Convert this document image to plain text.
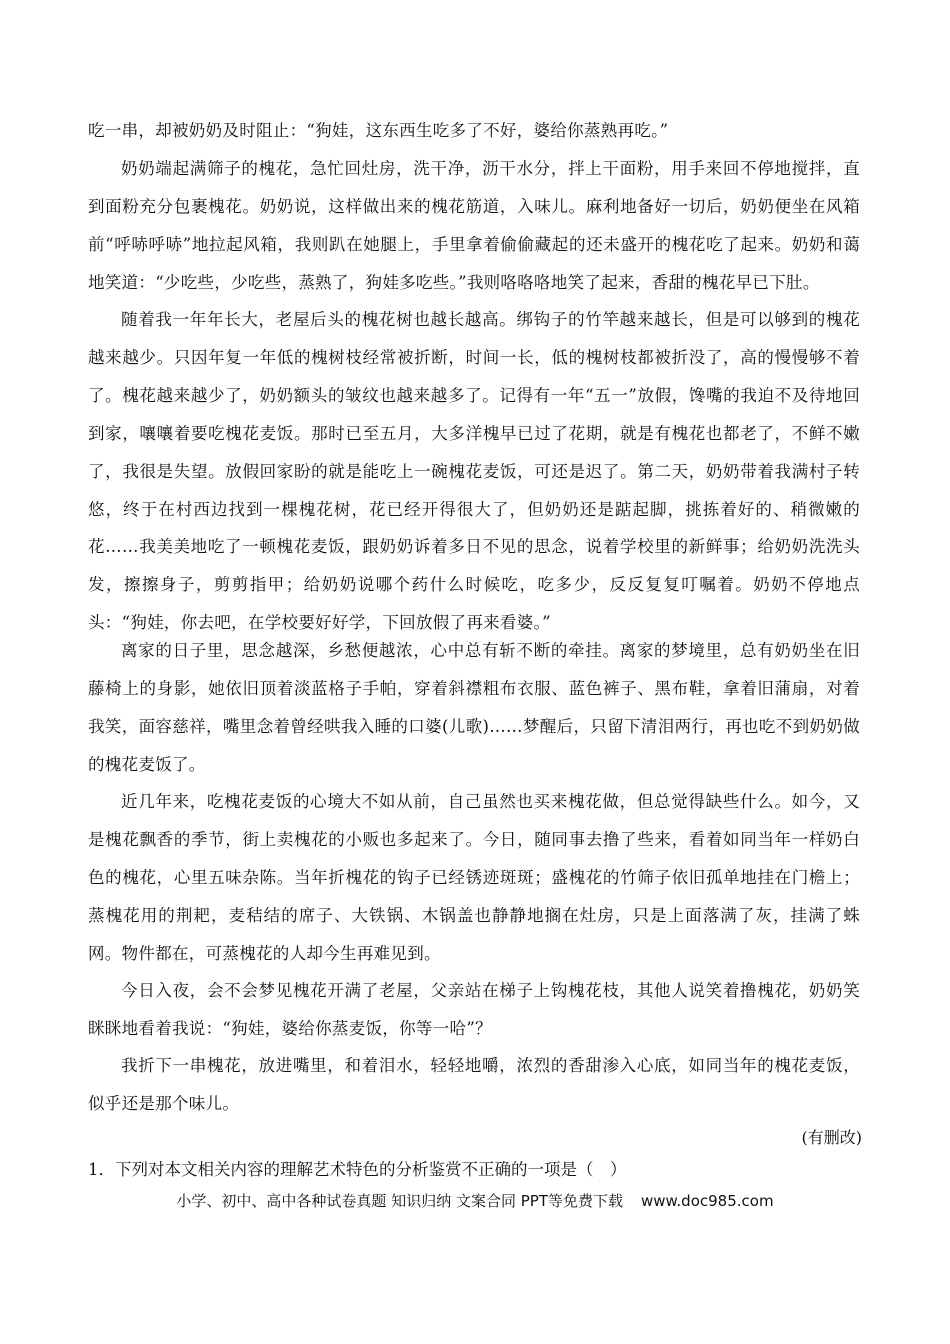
吃一串，却被奶奶及时阻止：“狗娃，这东西生吃多了不好，婆给你蒸熟再吃。”

奶奶端起满筛子的槐花，急忙回灶房，洗干净，沥干水分，拌上干面粉，用手来回不停地搅拌，直到面粉充分包裹槐花。奶奶说，这样做出来的槐花筋道，入味儿。麻利地备好一切后，奶奶便坐在风箱前“呼哧呼哧”地拉起风箱，我则趴在她腿上，手里拿着偷偷藏起的还未盛开的槐花吃了起来。奶奶和蔼地笑道：“少吃些，少吃些，蒸熟了，狗娃多吃些。”我则咯咯咯地笑了起来，香甜的槐花早已下肚。

随着我一年年长大，老屋后头的槐花树也越长越高。绑钩子的竹竿越来越长，但是可以够到的槐花越来越少。只因年复一年低的槐树枝经常被折断，时间一长，低的槐树枝都被折没了，高的慢慢够不着了。槐花越来越少了，奶奶额头的皱纹也越来越多了。记得有一年“五一”放假，馋嘴的我迫不及待地回到家，嚷嚷着要吃槐花麦饭。那时已至五月，大多洋槐早已过了花期，就是有槐花也都老了，不鲜不嫩了，我很是失望。放假回家盼的就是能吃上一碗槐花麦饭，可还是迟了。第二天，奶奶带着我满村子转悠，终于在村西边找到一棵槐花树，花已经开得很大了，但奶奶还是踮起脚，挑拣着好的、稍微嫩的花……我美美地吃了一顿槐花麦饭，跟奶奶诉着多日不见的思念，说着学校里的新鲜事；给奶奶洗洗头发，擦擦身子，剪剪指甲；给奶奶说哪个药什么时候吃，吃多少，反反复复叮嘱着。奶奶不停地点头：“狗娃，你去吧，在学校要好好学，下回放假了再来看婆。”

离家的日子里，思念越深，乡愁便越浓，心中总有斩不断的牵挂。离家的梦境里，总有奶奶坐在旧藤椅上的身影，她依旧顶着淡蓝格子手帕，穿着斜襟粗布衣服、蓝色裤子、黑布鞋，拿着旧蒲扇，对着我笑，面容慈祥，嘴里念着曾经哄我入睡的口婆(儿歌)……梦醒后，只留下清泪两行，再也吃不到奶奶做的槐花麦饭了。

近几年来，吃槐花麦饭的心境大不如从前，自己虽然也买来槐花做，但总觉得缺些什么。如今，又是槐花飘香的季节，街上卖槐花的小贩也多起来了。今日，随同事去撸了些来，看着如同当年一样奶白色的槐花，心里五味杂陈。当年折槐花的钩子已经锈迹斑斑；盛槐花的竹筛子依旧孤单地挂在门檐上；蒸槐花用的荆耙，麦秸结的席子、大铁锅、木锅盖也静静地搁在灶房，只是上面落满了灰，挂满了蛛网。物件都在，可蒸槐花的人却今生再难见到。

今日入夜，会不会梦见槐花开满了老屋，父亲站在梯子上钩槐花枝，其他人说笑着撸槐花，奶奶笑眯眯地看着我说：“狗娃，婆给你蒸麦饭，你等一哈”？

我折下一串槐花，放进嘴里，和着泪水，轻轻地嚼，浓烈的香甜渗入心底，如同当年的槐花麦饭，似乎还是那个味儿。

(有删改)
1．下列对本文相关内容的理解艺术特色的分析鉴赏不正确的一项是（　）
小学、初中、高中各种试卷真题 知识归纳 文案合同 PPT等免费下载 www.doc985.com
